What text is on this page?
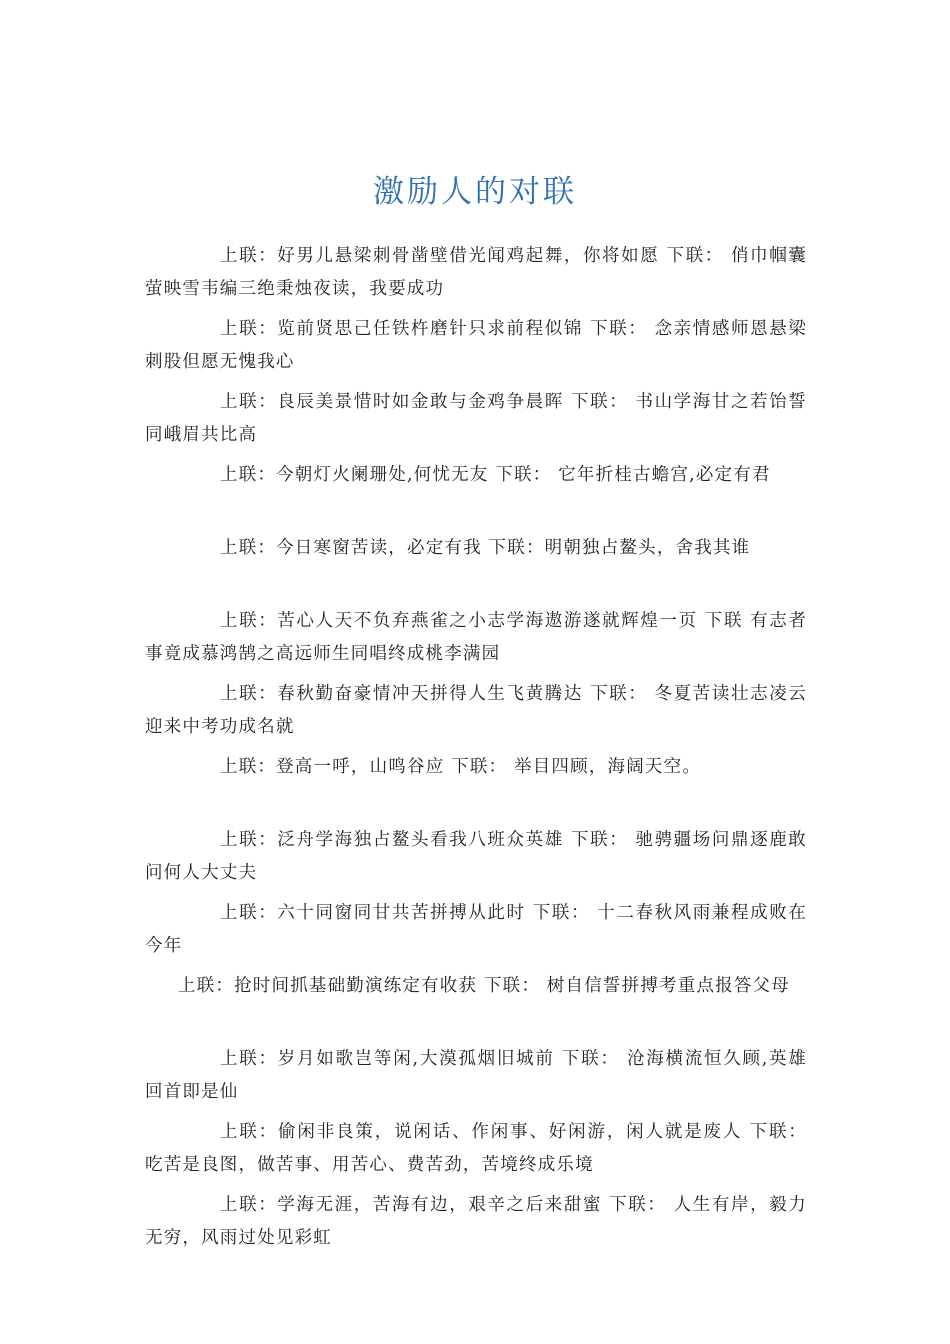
激励人的对联

上联：好男儿悬梁刺骨凿壁借光闻鸡起舞，你将如愿 下联： 俏巾帼囊萤映雪韦编三绝秉烛夜读，我要成功

上联：览前贤思己任铁杵磨针只求前程似锦 下联： 念亲情感师恩悬梁刺股但愿无愧我心

上联：良辰美景惜时如金敢与金鸡争晨晖 下联： 书山学海甘之若饴誓同峨眉共比高

上联：今朝灯火阑珊处,何忧无友 下联： 它年折桂古蟾宫,必定有君

上联：今日寒窗苦读，必定有我 下联：明朝独占鳌头，舍我其谁

上联：苦心人天不负弃燕雀之小志学海遨游遂就辉煌一页 下联 有志者事竟成慕鸿鹄之高远师生同唱终成桃李满园

上联：春秋勤奋豪情冲天拼得人生飞黄腾达 下联： 冬夏苦读壮志凌云迎来中考功成名就

上联：登高一呼，山鸣谷应 下联： 举目四顾，海阔天空。

上联：泛舟学海独占鳌头看我八班众英雄 下联： 驰骋疆场问鼎逐鹿敢问何人大丈夫

上联：六十同窗同甘共苦拼搏从此时 下联： 十二春秋风雨兼程成败在今年

上联：抢时间抓基础勤演练定有收获 下联： 树自信誓拼搏考重点报答父母

上联：岁月如歌岂等闲,大漠孤烟旧城前 下联： 沧海横流恒久顾,英雄回首即是仙

上联：偷闲非良策，说闲话、作闲事、好闲游，闲人就是废人 下联： 吃苦是良图，做苦事、用苦心、费苦劲，苦境终成乐境

上联：学海无涯，苦海有边，艰辛之后来甜蜜 下联： 人生有岸，毅力无穷，风雨过处见彩虹
